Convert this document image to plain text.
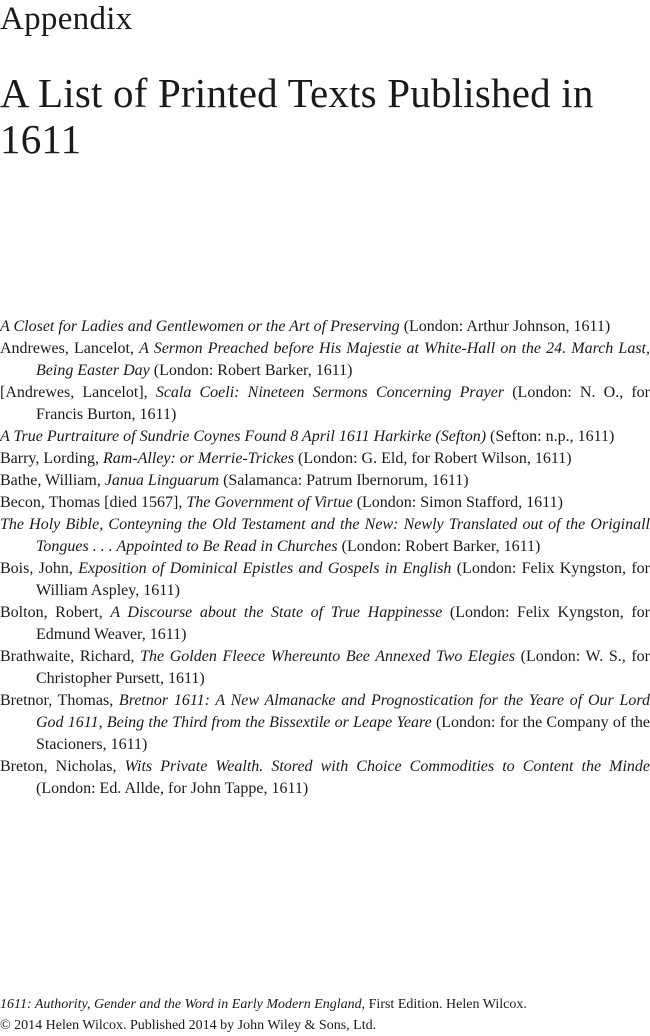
Appendix
A List of Printed Texts Published in 1611
A Closet for Ladies and Gentlewomen or the Art of Preserving (London: Arthur Johnson, 1611)
Andrewes, Lancelot, A Sermon Preached before His Majestie at White-Hall on the 24. March Last, Being Easter Day (London: Robert Barker, 1611)
[Andrewes, Lancelot], Scala Coeli: Nineteen Sermons Concerning Prayer (London: N. O., for Francis Burton, 1611)
A True Purtraiture of Sundrie Coynes Found 8 April 1611 Harkirke (Sefton) (Sefton: n.p., 1611)
Barry, Lording, Ram-Alley: or Merrie-Trickes (London: G. Eld, for Robert Wilson, 1611)
Bathe, William, Janua Linguarum (Salamanca: Patrum Ibernorum, 1611)
Becon, Thomas [died 1567], The Government of Virtue (London: Simon Stafford, 1611)
The Holy Bible, Conteyning the Old Testament and the New: Newly Translated out of the Originall Tongues . . . Appointed to Be Read in Churches (London: Robert Barker, 1611)
Bois, John, Exposition of Dominical Epistles and Gospels in English (London: Felix Kyngston, for William Aspley, 1611)
Bolton, Robert, A Discourse about the State of True Happinesse (London: Felix Kyngston, for Edmund Weaver, 1611)
Brathwaite, Richard, The Golden Fleece Whereunto Bee Annexed Two Elegies (London: W. S., for Christopher Pursett, 1611)
Bretnor, Thomas, Bretnor 1611: A New Almanacke and Prognostication for the Yeare of Our Lord God 1611, Being the Third from the Bissextile or Leape Yeare (London: for the Company of the Stacioners, 1611)
Breton, Nicholas, Wits Private Wealth. Stored with Choice Commodities to Content the Minde (London: Ed. Allde, for John Tappe, 1611)

1611: Authority, Gender and the Word in Early Modern England, First Edition. Helen Wilcox.

© 2014 Helen Wilcox. Published 2014 by John Wiley & Sons, Ltd.
